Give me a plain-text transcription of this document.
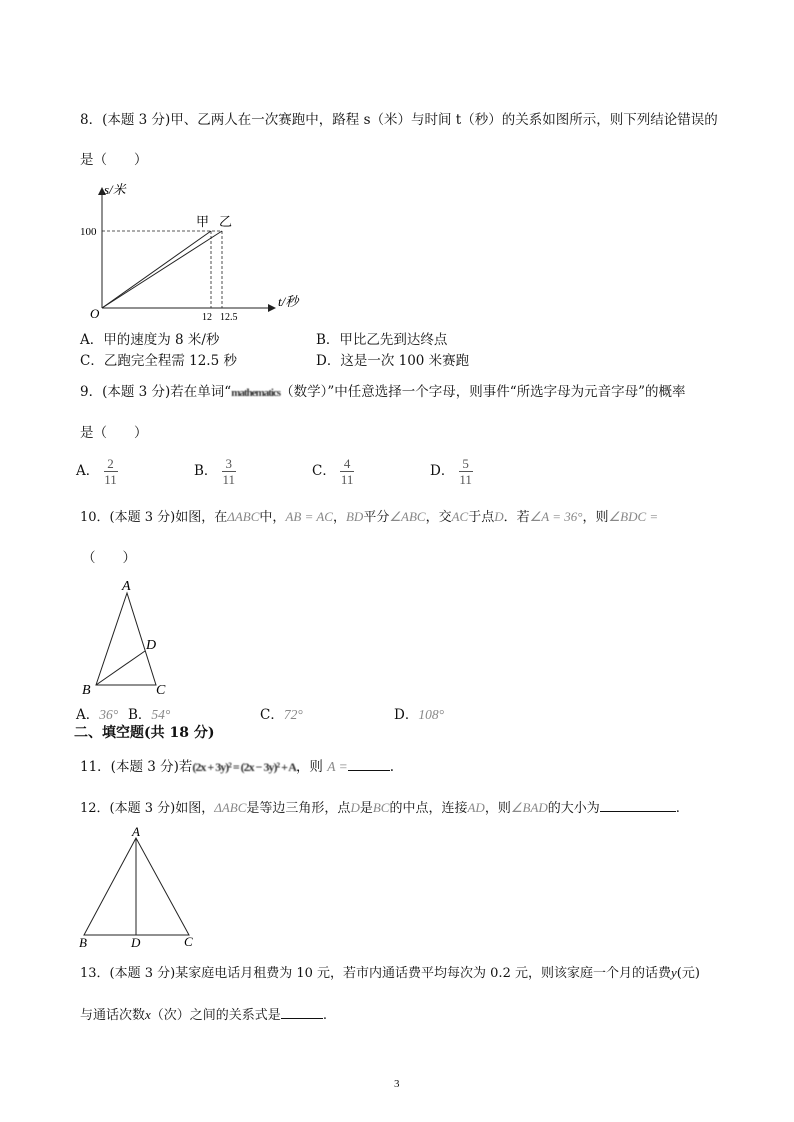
8．(本题 3 分)甲、乙两人在一次赛跑中，路程 s（米）与时间 t（秒）的关系如图所示，则下列结论错误的
是（　　）
s/米
t/秒
O
100
12 12.5
甲 乙
A．甲的速度为 8 米/秒	B．甲比乙先到达终点
C．乙跑完全程需 12.5 秒	D．这是一次 100 米赛跑
9．(本题 3 分)若在单词“mathematics（数学）”中任意选择一个字母，则事件“所选字母为元音字母”的概率
是（　　）
A． $\frac{2}{11}$	B． $\frac{3}{11}$	C． $\frac{4}{11}$	D． $\frac{5}{11}$
10．(本题 3 分)如图，在ΔABC中，AB = AC，BD平分∠ABC，交AC于点D．若∠A = 36°，则∠BDC =
（　　）
A
D
B	C
A．36° B．54°	C．72°	D．108°
二、填空题(共 18 分)
11．(本题 3 分)若(2x + 3y)² = (2x − 3y)² + A，则 A =	.
12．(本题 3 分)如图，ΔABC是等边三角形，点D是BC的中点，连接AD，则∠BAD的大小为	.
A
B	D	C
13．(本题 3 分)某家庭电话月租费为 10 元，若市内通话费平均每次为 0.2 元，则该家庭一个月的话费y(元)
与通话次数x（次）之间的关系式是	.
3
